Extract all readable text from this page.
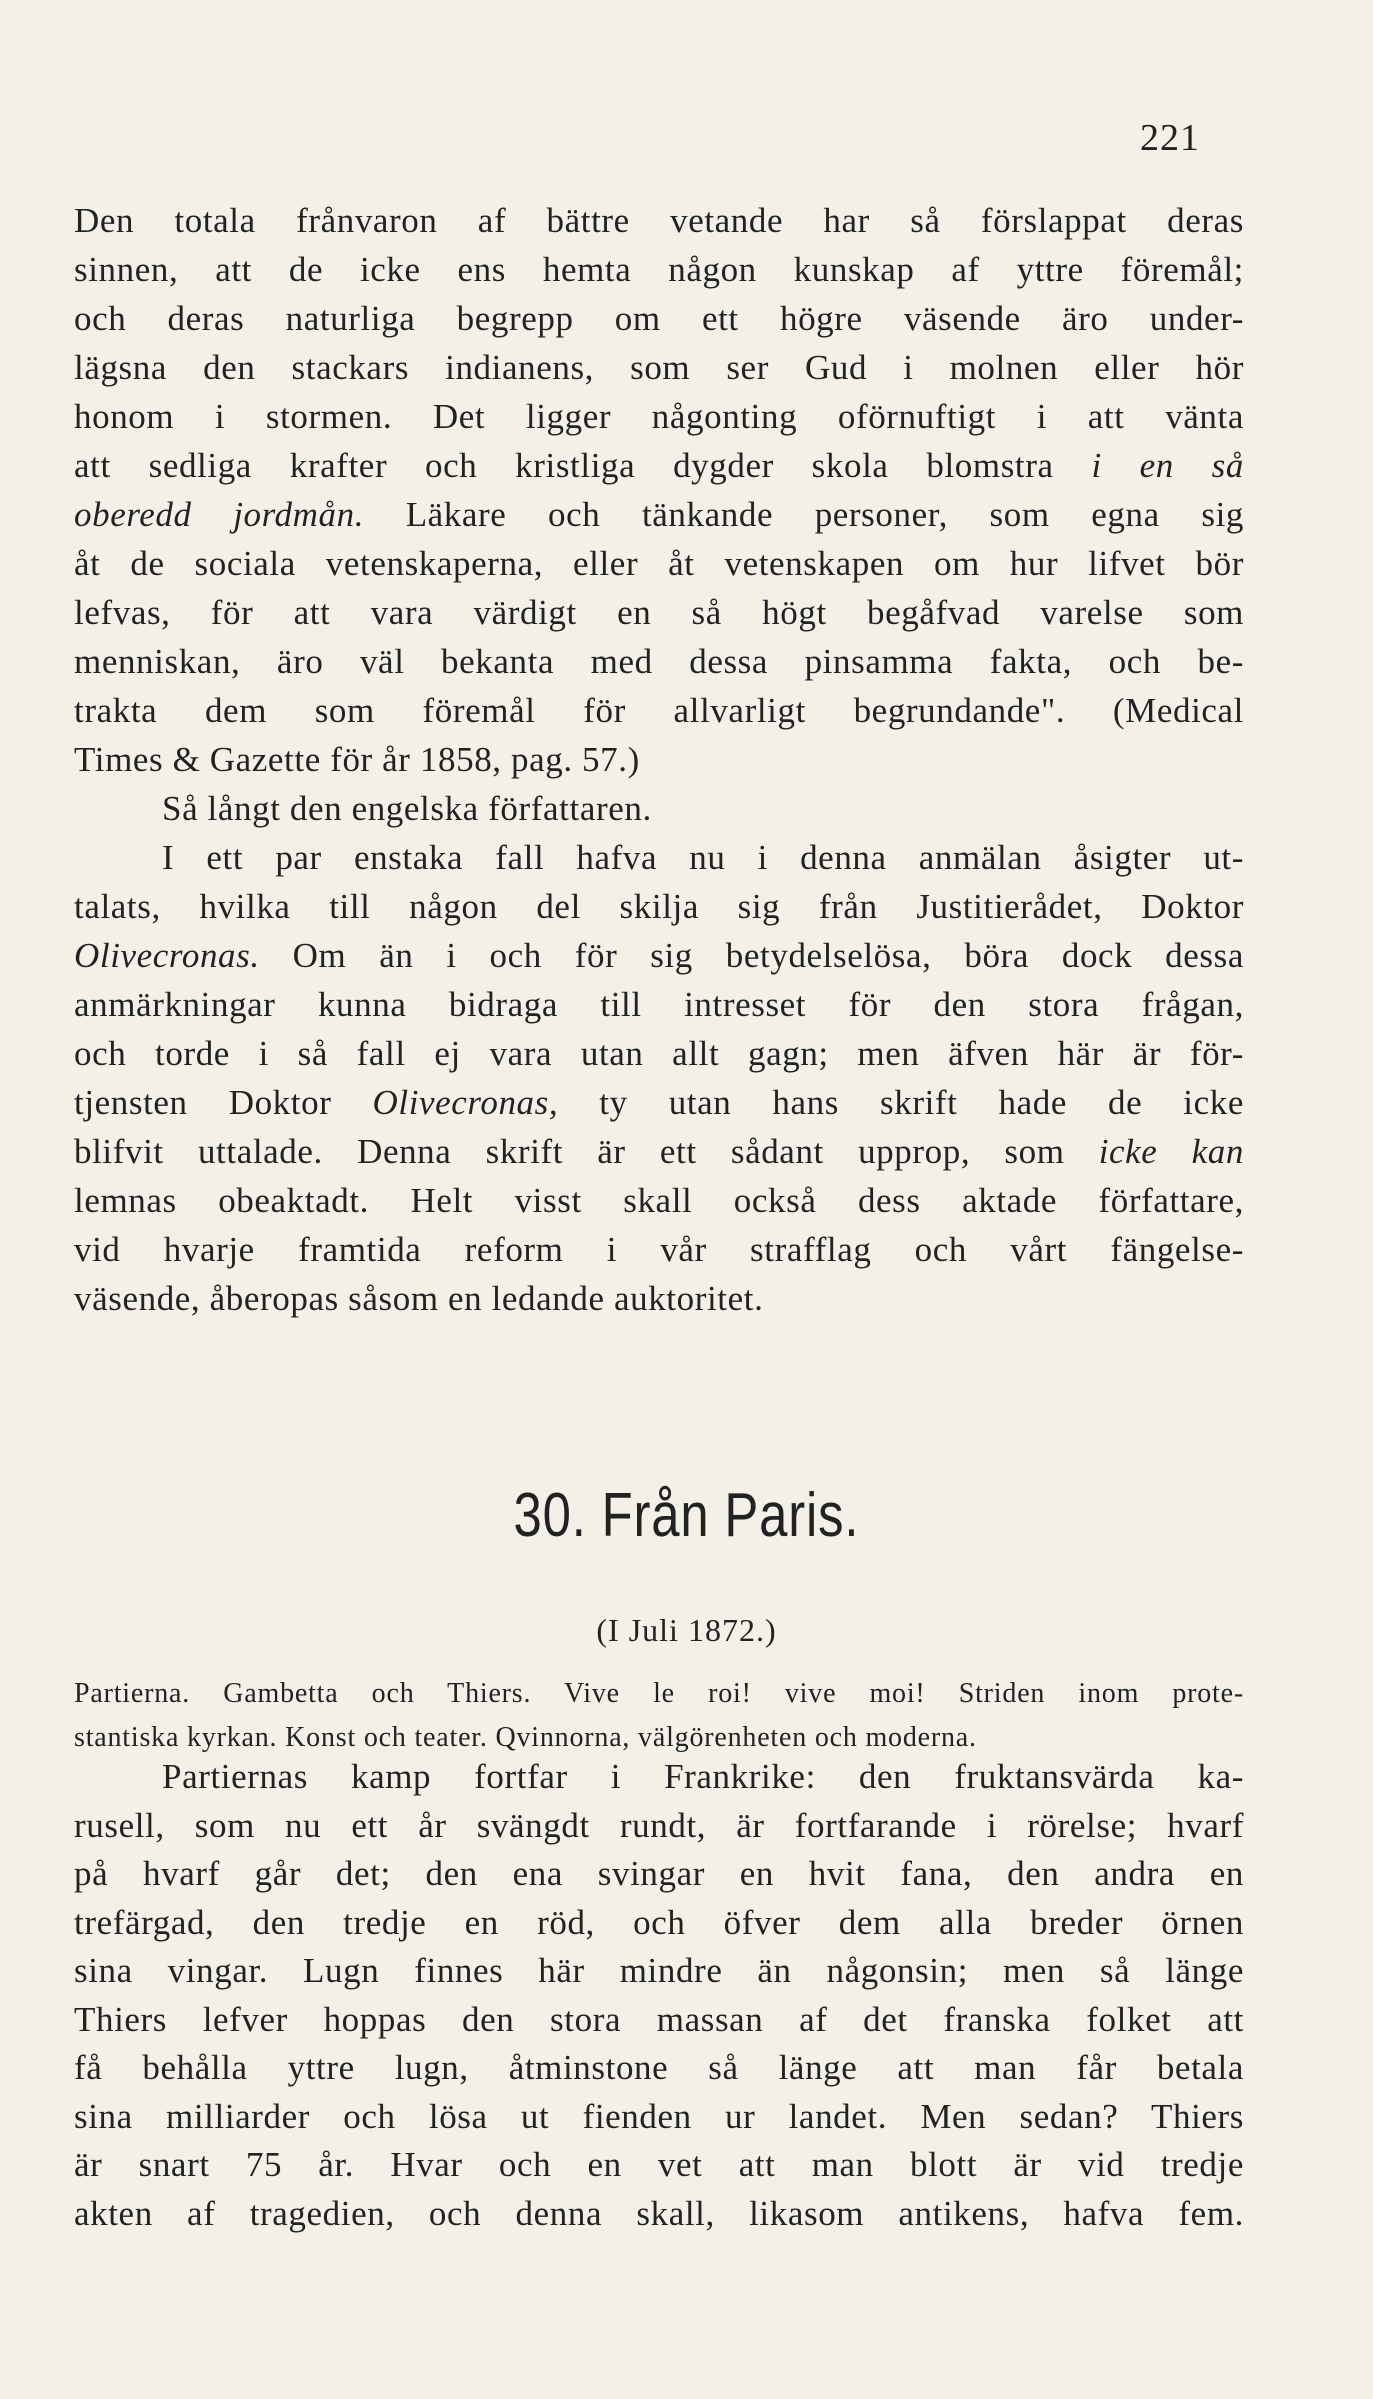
221
Den totala frånvaron af bättre vetande har så förslappat deras
sinnen, att de icke ens hemta någon kunskap af yttre föremål;
och deras naturliga begrepp om ett högre väsende äro under-
lägsna den stackars indianens, som ser Gud i molnen eller hör
honom i stormen. Det ligger någonting oförnuftigt i att vänta
att sedliga krafter och kristliga dygder skola blomstra i en så
oberedd jordmån. Läkare och tänkande personer, som egna sig
åt de sociala vetenskaperna, eller åt vetenskapen om hur lifvet bör
lefvas, för att vara värdigt en så högt begåfvad varelse som
menniskan, äro väl bekanta med dessa pinsamma fakta, och be-
trakta dem som föremål för allvarligt begrundande". (Medical
Times & Gazette för år 1858, pag. 57.)
Så långt den engelska författaren.
I ett par enstaka fall hafva nu i denna anmälan åsigter ut-
talats, hvilka till någon del skilja sig från Justitierådet, Doktor
Olivecronas. Om än i och för sig betydelselösa, böra dock dessa
anmärkningar kunna bidraga till intresset för den stora frågan,
och torde i så fall ej vara utan allt gagn; men äfven här är för-
tjensten Doktor Olivecronas, ty utan hans skrift hade de icke
blifvit uttalade. Denna skrift är ett sådant upprop, som icke kan
lemnas obeaktadt. Helt visst skall också dess aktade författare,
vid hvarje framtida reform i vår strafflag och vårt fängelse-
väsende, åberopas såsom en ledande auktoritet.
30. Från Paris.
(I Juli 1872.)
Partierna. Gambetta och Thiers. Vive le roi! vive moi! Striden inom prote-
stantiska kyrkan. Konst och teater. Qvinnorna, välgörenheten och moderna.
Partiernas kamp fortfar i Frankrike: den fruktansvärda ka-
rusell, som nu ett år svängdt rundt, är fortfarande i rörelse; hvarf
på hvarf går det; den ena svingar en hvit fana, den andra en
trefärgad, den tredje en röd, och öfver dem alla breder örnen
sina vingar. Lugn finnes här mindre än någonsin; men så länge
Thiers lefver hoppas den stora massan af det franska folket att
få behålla yttre lugn, åtminstone så länge att man får betala
sina milliarder och lösa ut fienden ur landet. Men sedan? Thiers
är snart 75 år. Hvar och en vet att man blott är vid tredje
akten af tragedien, och denna skall, likasom antikens, hafva fem.
